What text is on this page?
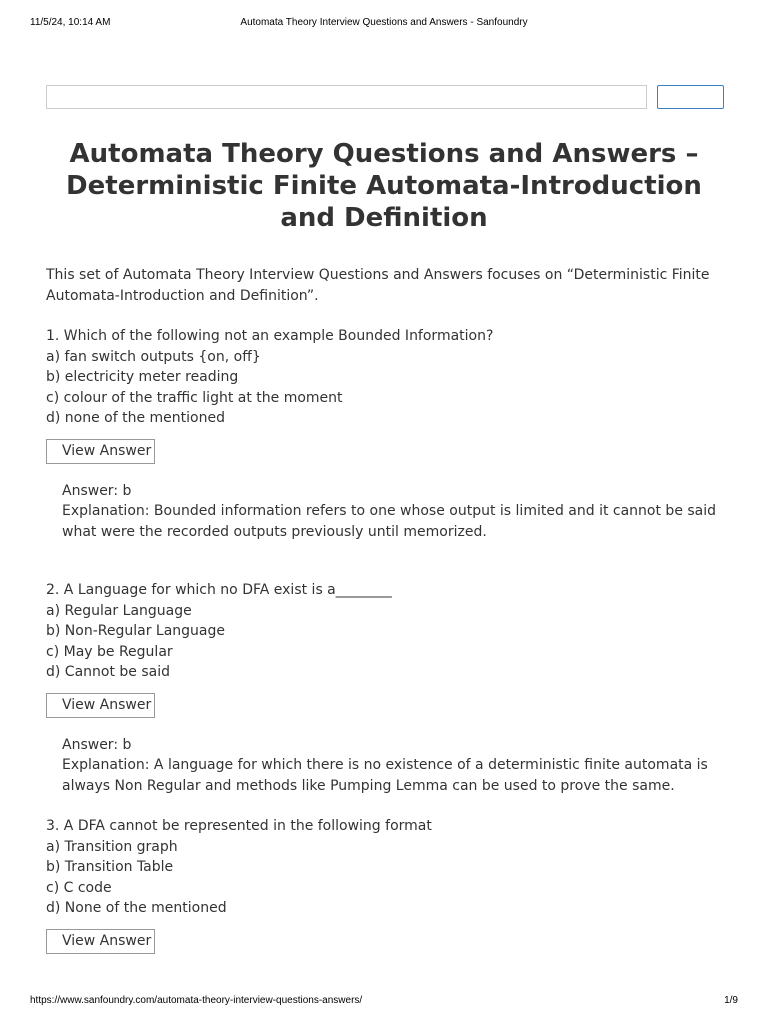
11/5/24, 10:14 AM	Automata Theory Interview Questions and Answers - Sanfoundry
Automata Theory Questions and Answers – Deterministic Finite Automata-Introduction and Definition

This set of Automata Theory Interview Questions and Answers focuses on “Deterministic Finite Automata-Introduction and Definition”.

1. Which of the following not an example Bounded Information?

a) fan switch outputs {on, off}

b) electricity meter reading

c) colour of the traffic light at the moment

d) none of the mentioned

View Answer

Answer: b

Explanation: Bounded information refers to one whose output is limited and it cannot be said what were the recorded outputs previously until memorized.

2. A Language for which no DFA exist is a________

a) Regular Language

b) Non-Regular Language

c) May be Regular

d) Cannot be said

View Answer

Answer: b

Explanation: A language for which there is no existence of a deterministic finite automata is always Non Regular and methods like Pumping Lemma can be used to prove the same.

3. A DFA cannot be represented in the following format

a) Transition graph

b) Transition Table

c) C code

d) None of the mentioned

View Answer
https://www.sanfoundry.com/automata-theory-interview-questions-answers/	1/9
